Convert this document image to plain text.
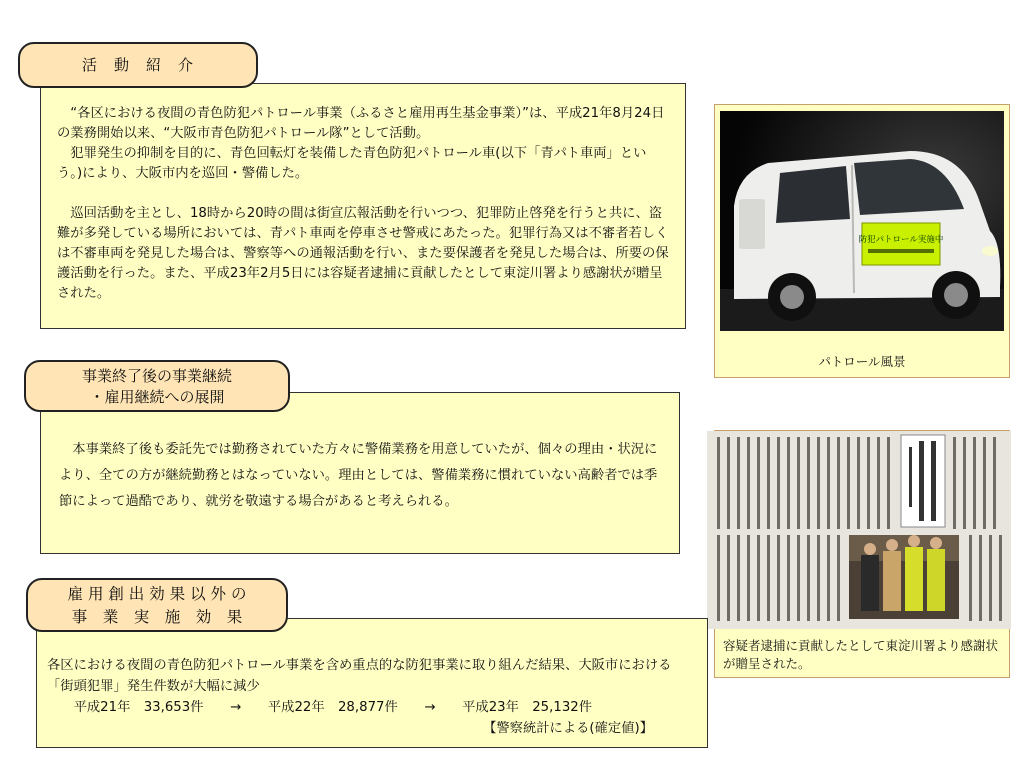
活　動　紹　介

　“各区における夜間の青色防犯パトロール事業（ふるさと雇用再生基金事業）”は、平成21年8月24日の業務開始以来、“大阪市青色防犯パトロール隊”として活動。

　犯罪発生の抑制を目的に、青色回転灯を装備した青色防犯パトロール車(以下「青パト車両」という。)により、大阪市内を巡回・警備した。

　巡回活動を主とし、18時から20時の間は街宣広報活動を行いつつ、犯罪防止啓発を行うと共に、盗難が多発している場所においては、青パト車両を停車させ警戒にあたった。犯罪行為又は不審者若しくは不審車両を発見した場合は、警察等への通報活動を行い、また要保護者を発見した場合は、所要の保護活動を行った。また、平成23年2月5日には容疑者逮捕に貢献したとして東淀川署より感謝状が贈呈された。

防犯パトロール実施中
パトロール風景
事業終了後の事業継続
・雇用継続への展開

　本事業終了後も委託先では勤務されていた方々に警備業務を用意していたが、個々の理由・状況により、全ての方が継続勤務とはなっていない。理由としては、警備業務に慣れていない高齢者では季節によって過酷であり、就労を敬遠する場合があると考えられる。

容疑者逮捕に貢献したとして東淀川署より感謝状が贈呈された。
雇 用 創 出 効 果 以 外 の
事　業　実　施　効　果

各区における夜間の青色防犯パトロール事業を含め重点的な防犯事業に取り組んだ結果、大阪市における「街頭犯罪」発生件数が大幅に減少

　　平成21年　33,653件　　→　　平成22年　28,877件　　→　　平成23年　25,132件

【警察統計による(確定値)】
